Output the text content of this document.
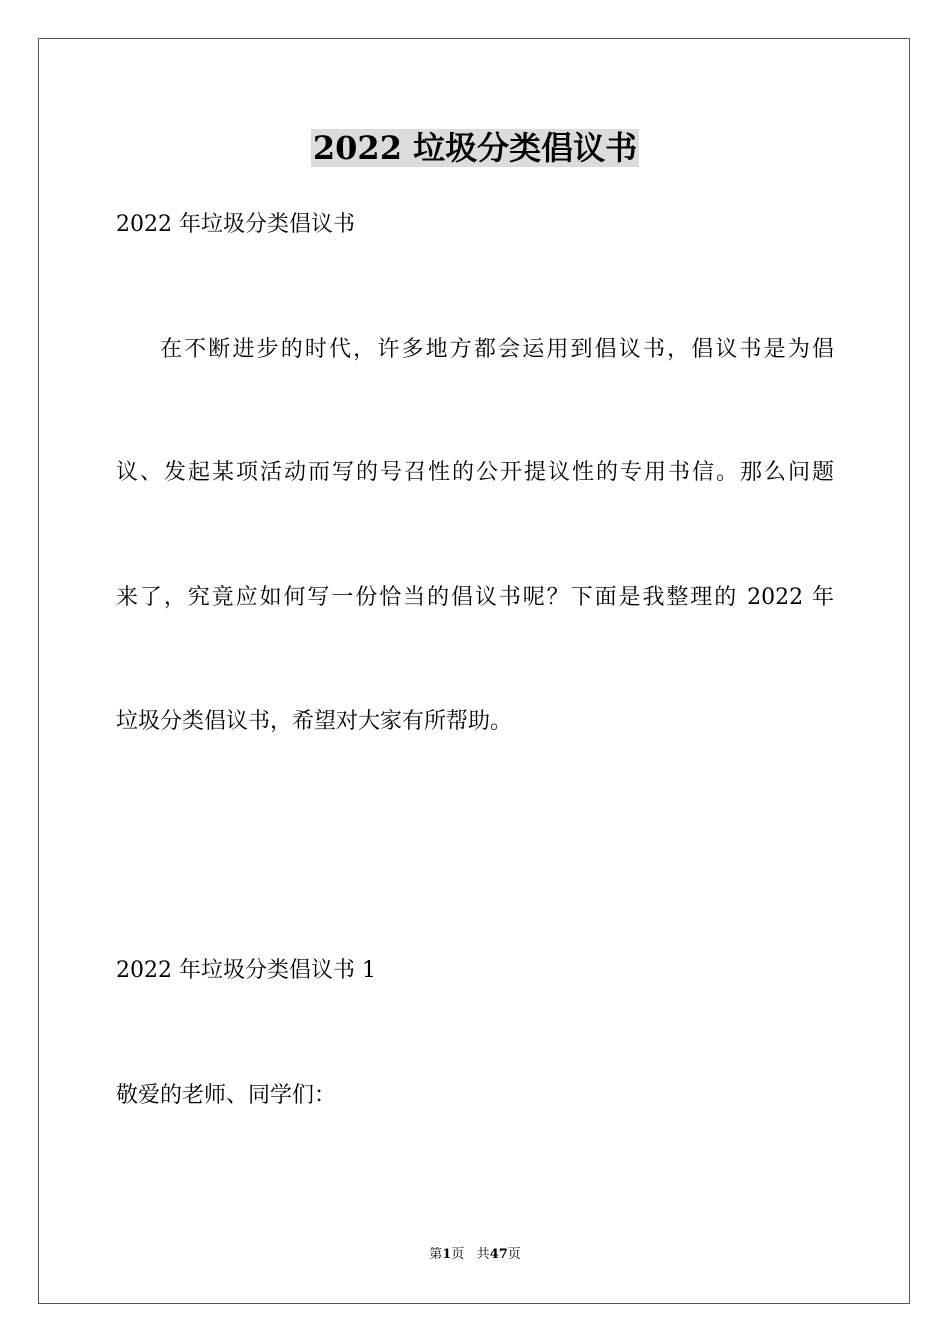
2022 垃圾分类倡议书
2022 年垃圾分类倡议书
在不断进步的时代，许多地方都会运用到倡议书，倡议书是为倡
议、发起某项活动而写的号召性的公开提议性的专用书信。那么问题
来了，究竟应如何写一份恰当的倡议书呢？下面是我整理的 2022 年
垃圾分类倡议书，希望对大家有所帮助。
2022 年垃圾分类倡议书 1
敬爱的老师、同学们：
第1页 共47页
